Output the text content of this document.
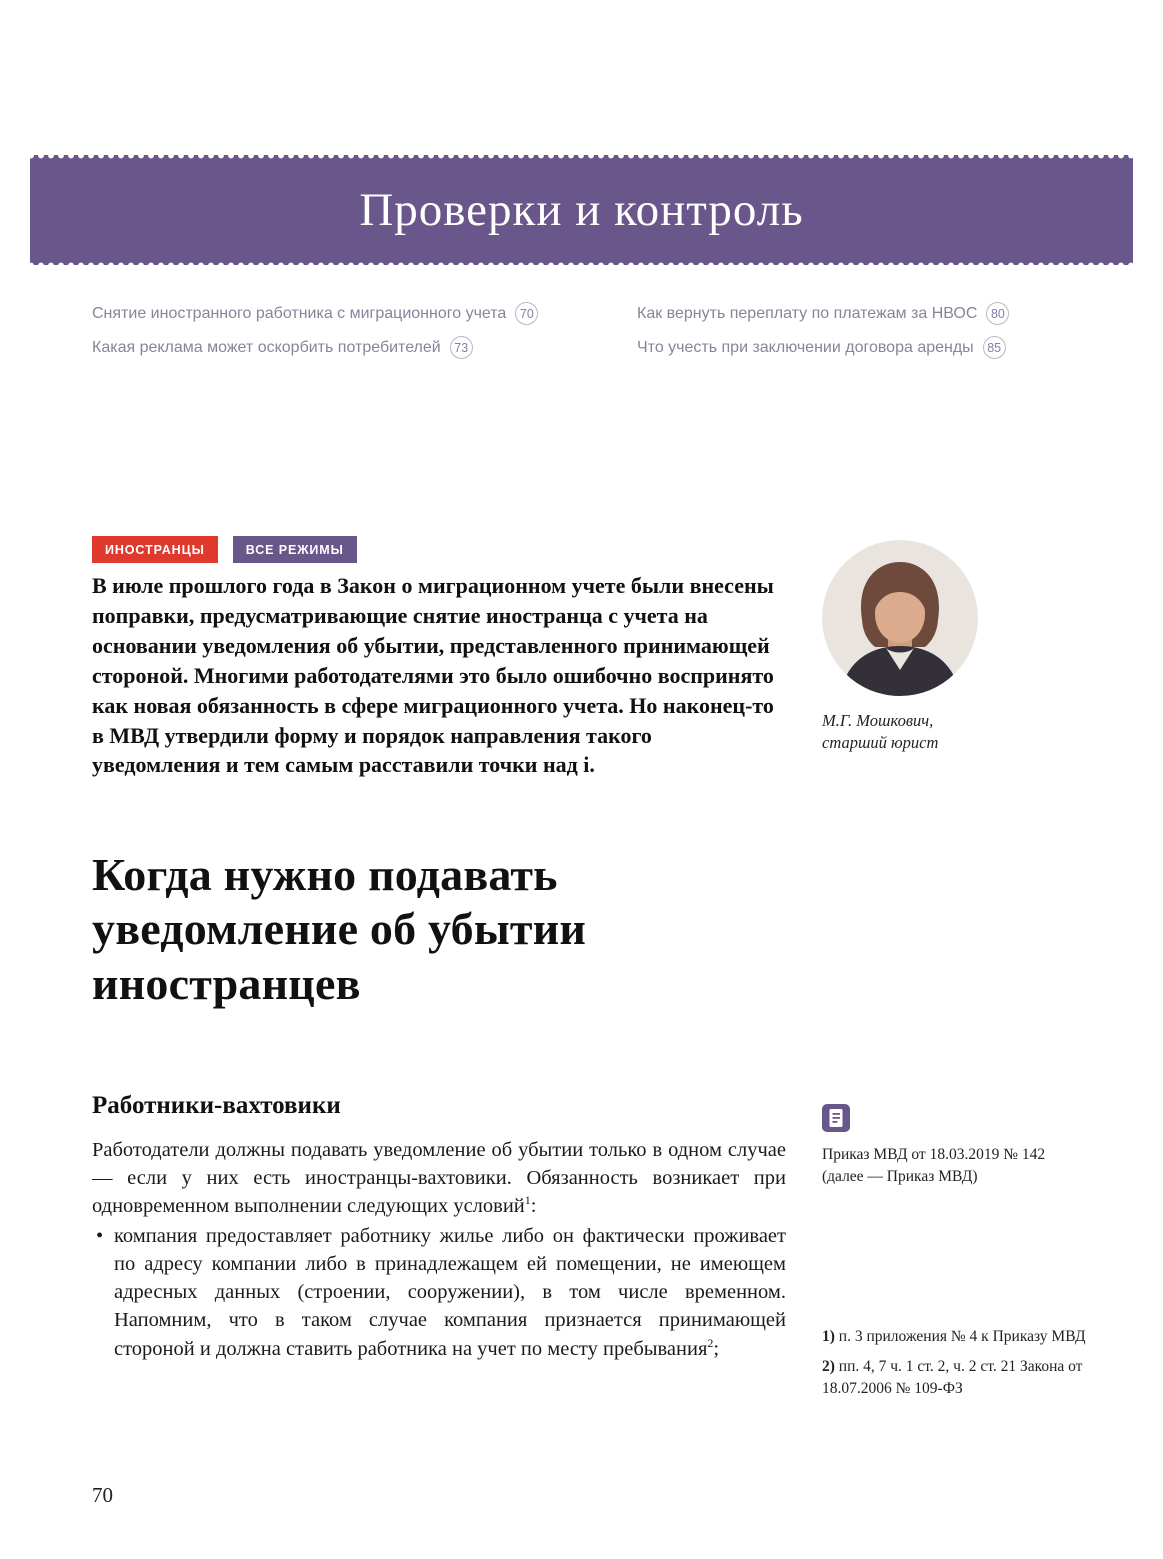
Проверки и контроль
Снятие иностранного работника с миграционного учета	70
Какая реклама может оскорбить потребителей	73
Как вернуть переплату по платежам за НВОС	80
Что учесть при заключении договора аренды	85
ИНОСТРАНЦЫ	ВСЕ РЕЖИМЫ
В июле прошлого года в Закон о миграционном учете были внесены поправки, предусматривающие снятие иностранца с учета на основании уведомления об убытии, представленного принимающей стороной. Многими работодателями это было ошибочно воспринято как новая обязанность в сфере миграционного учета. Но наконец-то в МВД утвердили форму и порядок направления такого уведомления и тем самым расставили точки над i.
М.Г. Мошкович,
старший юрист
Когда нужно подавать уведомление об убытии иностранцев
Работники-вахтовики

Работодатели должны подавать уведомление об убытии только в одном случае — если у них есть иностранцы-вахтовики. Обязанность возникает при одновременном выполнении следующих условий$^1$:

• компания предоставляет работнику жилье либо он фактически проживает по адресу компании либо в принадлежащем ей помещении, не имеющем адресных данных (строении, сооружении), в том числе временном. Напомним, что в таком случае компания признается принимающей стороной и должна ставить работника на учет по месту пребывания$^2$;
Приказ МВД от 18.03.2019 № 142 (далее — Приказ МВД)
1) п. 3 приложения № 4 к Приказу МВД
2) пп. 4, 7 ч. 1 ст. 2, ч. 2 ст. 21 Закона от 18.07.2006 № 109-ФЗ
70
